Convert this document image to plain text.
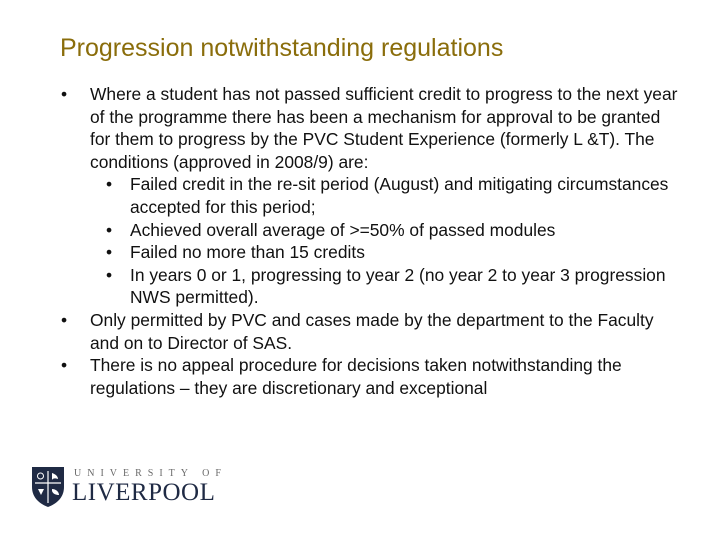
Progression notwithstanding regulations
• Where a student has not passed sufficient credit to progress to the next year of the programme there has been a mechanism for approval to be granted for them to progress by the PVC Student Experience (formerly L &T). The conditions (approved in 2008/9) are:
• Failed credit in the re-sit period (August) and mitigating circumstances accepted for this period;
• Achieved overall average of >=50% of passed modules
• Failed no more than 15 credits
• In years 0 or 1, progressing to year 2 (no year 2 to year 3 progression NWS permitted).
• Only permitted by PVC and cases made by the department to the Faculty and on to Director of SAS.
• There is no appeal procedure for decisions taken notwithstanding the regulations – they are discretionary and exceptional
UNIVERSITY OF
LIVERPOOL
